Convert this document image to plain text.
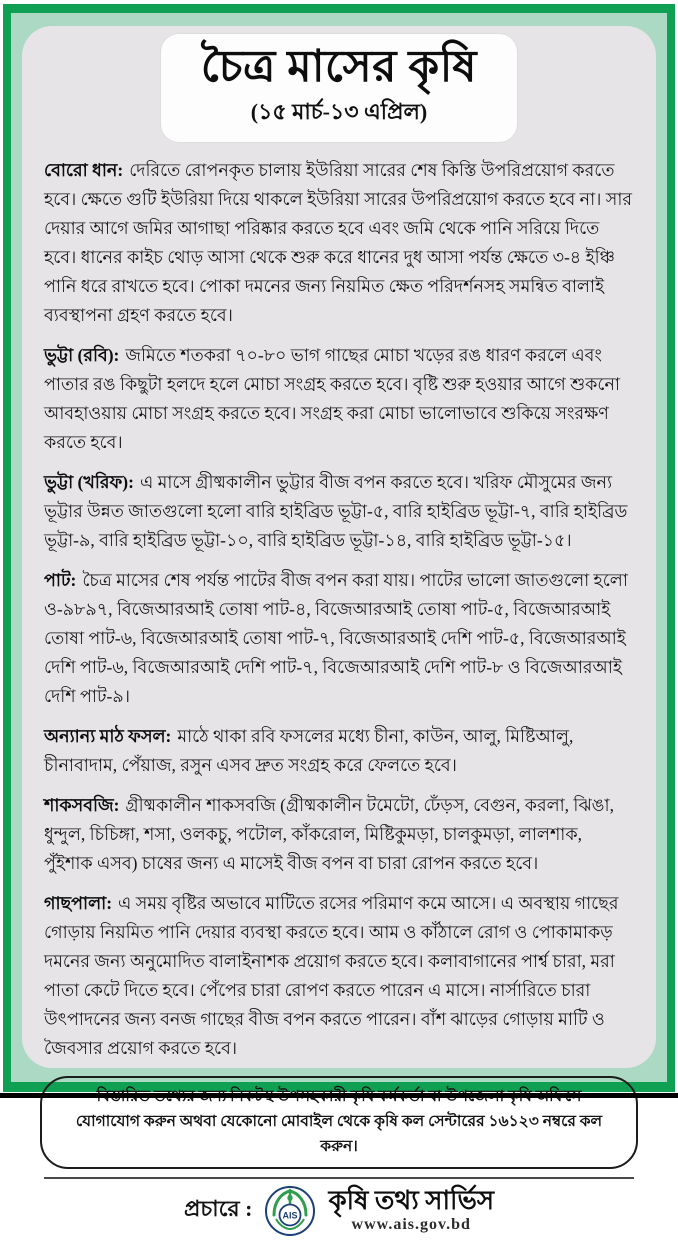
চৈত্র মাসের কৃষি
(১৫ মার্চ-১৩ এপ্রিল)

বোরো ধান: দেরিতে রোপনকৃত চালায় ইউরিয়া সারের শেষ কিস্তি উপরিপ্রয়োগ করতে হবে। ক্ষেতে গুটি ইউরিয়া দিয়ে থাকলে ইউরিয়া সারের উপরিপ্রয়োগ করতে হবে না। সার দেয়ার আগে জমির আগাছা পরিষ্কার করতে হবে এবং জমি থেকে পানি সরিয়ে দিতে হবে। ধানের কাইচ থোড় আসা থেকে শুরু করে ধানের দুধ আসা পর্যন্ত ক্ষেতে ৩-৪ ইঞ্চি পানি ধরে রাখতে হবে। পোকা দমনের জন্য নিয়মিত ক্ষেত পরিদর্শনসহ সমন্বিত বালাই ব্যবস্থাপনা গ্রহণ করতে হবে।

ভুট্টা (রবি): জমিতে শতকরা ৭০-৮০ ভাগ গাছের মোচা খড়ের রঙ ধারণ করলে এবং পাতার রঙ কিছুটা হলদে হলে মোচা সংগ্রহ করতে হবে। বৃষ্টি শুরু হওয়ার আগে শুকনো আবহাওয়ায় মোচা সংগ্রহ করতে হবে। সংগ্রহ করা মোচা ভালোভাবে শুকিয়ে সংরক্ষণ করতে হবে।

ভুট্টা (খরিফ): এ মাসে গ্রীষ্মকালীন ভুট্টার বীজ বপন করতে হবে। খরিফ মৌসুমের জন্য ভূট্টার উন্নত জাতগুলো হলো বারি হাইব্রিড ভূট্টা-৫, বারি হাইব্রিড ভূট্টা-৭, বারি হাইব্রিড ভূট্টা-৯, বারি হাইব্রিড ভূট্টা-১০, বারি হাইব্রিড ভূট্টা-১৪, বারি হাইব্রিড ভূট্টা-১৫।

পাট: চৈত্র মাসের শেষ পর্যন্ত পাটের বীজ বপন করা যায়। পাটের ভালো জাতগুলো হলো ও-৯৮৯৭, বিজেআরআই তোষা পাট-৪, বিজেআরআই তোষা পাট-৫, বিজেআরআই তোষা পাট-৬, বিজেআরআই তোষা পাট-৭, বিজেআরআই দেশি পাট-৫, বিজেআরআই দেশি পাট-৬, বিজেআরআই দেশি পাট-৭, বিজেআরআই দেশি পাট-৮ ও বিজেআরআই দেশি পাট-৯।

অন্যান্য মাঠ ফসল: মাঠে থাকা রবি ফসলের মধ্যে চীনা, কাউন, আলু, মিষ্টিআলু, চীনাবাদাম, পেঁয়াজ, রসুন এসব দ্রুত সংগ্রহ করে ফেলতে হবে।

শাকসবজি: গ্রীষ্মকালীন শাকসবজি (গ্রীষ্মকালীন টমেটো, ঢেঁড়স, বেগুন, করলা, ঝিঙা, ধুন্দুল, চিচিঙ্গা, শসা, ওলকচু, পটোল, কাঁকরোল, মিষ্টিকুমড়া, চালকুমড়া, লালশাক, পুঁইশাক এসব) চাষের জন্য এ মাসেই বীজ বপন বা চারা রোপন করতে হবে।

গাছপালা: এ সময় বৃষ্টির অভাবে মাটিতে রসের পরিমাণ কমে আসে। এ অবস্থায় গাছের গোড়ায় নিয়মিত পানি দেয়ার ব্যবস্থা করতে হবে। আম ও কাঁঠালে রোগ ও পোকামাকড় দমনের জন্য অনুমোদিত বালাইনাশক প্রয়োগ করতে হবে। কলাবাগানের পার্শ্ব চারা, মরা পাতা কেটে দিতে হবে। পেঁপের চারা রোপণ করতে পারেন এ মাসে। নার্সারিতে চারা উৎপাদনের জন্য বনজ গাছের বীজ বপন করতে পারেন। বাঁশ ঝাড়ের গোড়ায় মাটি ও জৈবসার প্রয়োগ করতে হবে।

যোগাযোগ করুন অথবা যেকোনো মোবাইল থেকে কৃষি কল সেন্টারের ১৬১২৩ নম্বরে কল করুন।
প্রচারে :	AIS
কৃষি তথ্য সার্ভিস
www.ais.gov.bd
